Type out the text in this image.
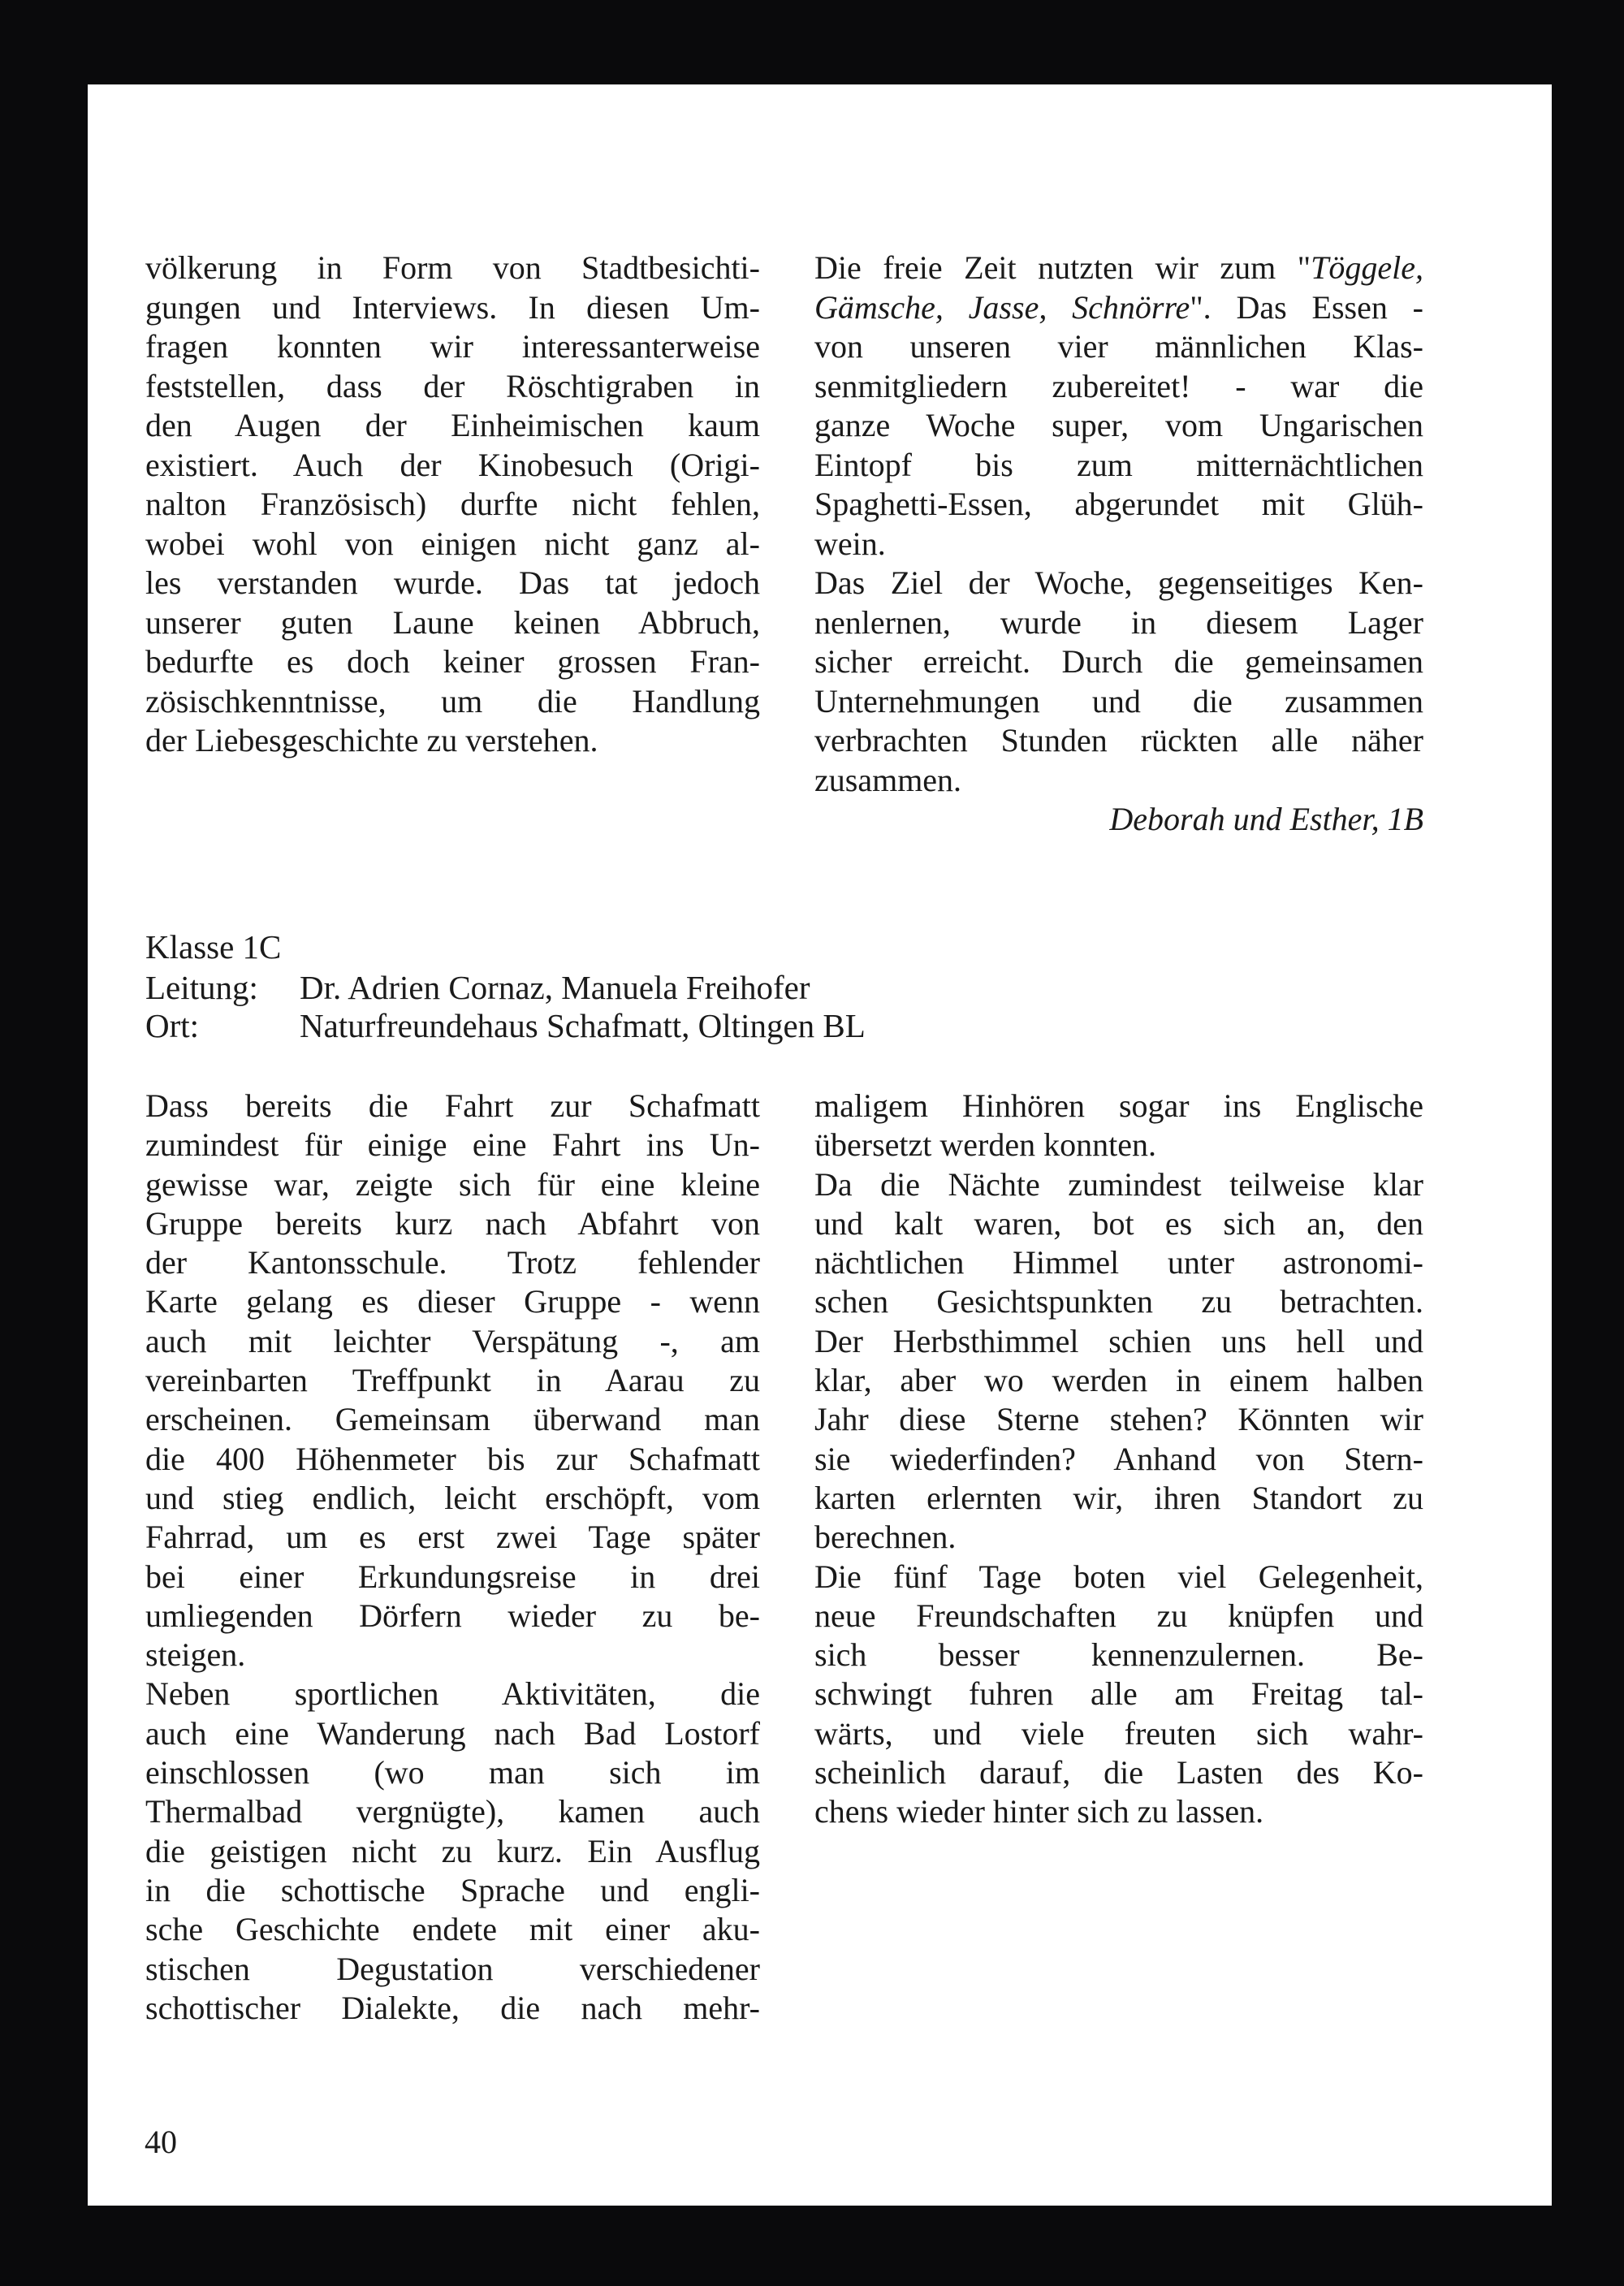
völkerung in Form von Stadtbesichti-
gungen und Interviews. In diesen Um-
fragen konnten wir interessanterweise
feststellen, dass der Röschtigraben in
den Augen der Einheimischen kaum
existiert. Auch der Kinobesuch (Origi-
nalton Französisch) durfte nicht fehlen,
wobei wohl von einigen nicht ganz al-
les verstanden wurde. Das tat jedoch
unserer guten Laune keinen Abbruch,
bedurfte es doch keiner grossen Fran-
zösischkenntnisse, um die Handlung
der Liebesgeschichte zu verstehen.
Die freie Zeit nutzten wir zum "Töggele,
Gämsche, Jasse, Schnörre". Das Essen -
von unseren vier männlichen Klas-
senmitgliedern zubereitet! - war die
ganze Woche super, vom Ungarischen
Eintopf bis zum mitternächtlichen
Spaghetti-Essen, abgerundet mit Glüh-
wein.
Das Ziel der Woche, gegenseitiges Ken-
nenlernen, wurde in diesem Lager
sicher erreicht. Durch die gemeinsamen
Unternehmungen und die zusammen
verbrachten Stunden rückten alle näher
zusammen.
Deborah und Esther, 1B
Klasse 1C
Leitung: Dr. Adrien Cornaz, Manuela Freihofer
Ort:	Naturfreundehaus Schafmatt, Oltingen BL
Dass bereits die Fahrt zur Schafmatt
zumindest für einige eine Fahrt ins Un-
gewisse war, zeigte sich für eine kleine
Gruppe bereits kurz nach Abfahrt von
der Kantonsschule. Trotz fehlender
Karte gelang es dieser Gruppe - wenn
auch mit leichter Verspätung -, am
vereinbarten Treffpunkt in Aarau zu
erscheinen. Gemeinsam überwand man
die 400 Höhenmeter bis zur Schafmatt
und stieg endlich, leicht erschöpft, vom
Fahrrad, um es erst zwei Tage später
bei einer Erkundungsreise in drei
umliegenden Dörfern wieder zu be-
steigen.
Neben sportlichen Aktivitäten, die
auch eine Wanderung nach Bad Lostorf
einschlossen (wo man sich im
Thermalbad vergnügte), kamen auch
die geistigen nicht zu kurz. Ein Ausflug
in die schottische Sprache und engli-
sche Geschichte endete mit einer aku-
stischen Degustation verschiedener
schottischer Dialekte, die nach mehr-
maligem Hinhören sogar ins Englische
übersetzt werden konnten.
Da die Nächte zumindest teilweise klar
und kalt waren, bot es sich an, den
nächtlichen Himmel unter astronomi-
schen Gesichtspunkten zu betrachten.
Der Herbsthimmel schien uns hell und
klar, aber wo werden in einem halben
Jahr diese Sterne stehen? Könnten wir
sie wiederfinden? Anhand von Stern-
karten erlernten wir, ihren Standort zu
berechnen.
Die fünf Tage boten viel Gelegenheit,
neue Freundschaften zu knüpfen und
sich besser kennenzulernen. Be-
schwingt fuhren alle am Freitag tal-
wärts, und viele freuten sich wahr-
scheinlich darauf, die Lasten des Ko-
chens wieder hinter sich zu lassen.
40
